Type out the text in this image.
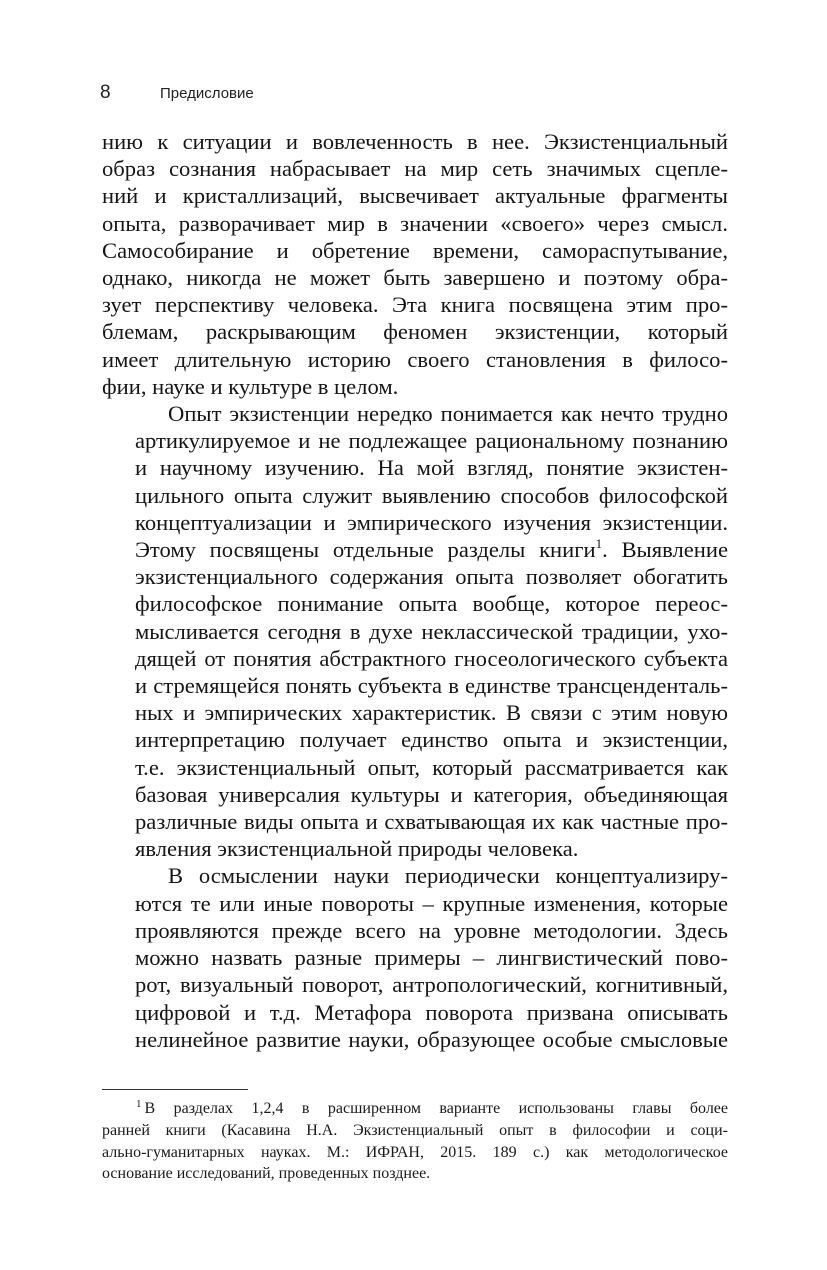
8	Предисловие

нию к ситуации и вовлеченность в нее. Экзистенциальный
образ сознания набрасывает на мир сеть значимых сцепле-
ний и кристаллизаций, высвечивает актуальные фрагменты
опыта, разворачивает мир в значении «своего» через смысл.
Самособирание и обретение времени, самораспутывание,
однако, никогда не может быть завершено и поэтому обра-
зует перспективу человека. Эта книга посвящена этим про-
блемам, раскрывающим феномен экзистенции, который
имеет длительную историю своего становления в филосо-
фии, науке и культуре в целом.

Опыт экзистенции нередко понимается как нечто трудно
артикулируемое и не подлежащее рациональному познанию
и научному изучению. На мой взгляд, понятие экзистен-
цильного опыта служит выявлению способов философской
концептуализации и эмпирического изучения экзистенции.
Этому посвящены отдельные разделы книги$^1$. Выявление
экзистенциального содержания опыта позволяет обогатить
философское понимание опыта вообще, которое переос-
мысливается сегодня в духе неклассической традиции, ухо-
дящей от понятия абстрактного гносеологического субъекта
и стремящейся понять субъекта в единстве трансценденталь-
ных и эмпирических характеристик. В связи с этим новую
интерпретацию получает единство опыта и экзистенции,
т.е. экзистенциальный опыт, который рассматривается как
базовая универсалия культуры и категория, объединяющая
различные виды опыта и схватывающая их как частные про-
явления экзистенциальной природы человека.

В осмыслении науки периодически концептуализиру-
ются те или иные повороты – крупные изменения, которые
проявляются прежде всего на уровне методологии. Здесь
можно назвать разные примеры – лингвистический пово-
рот, визуальный поворот, антропологический, когнитивный,
цифровой и т.д. Метафора поворота призвана описывать
нелинейное развитие науки, образующее особые смысловые

$^1$ В разделах 1,2,4 в расширенном варианте использованы главы более
ранней книги (Касавина Н.А. Экзистенциальный опыт в философии и соци-
ально-гуманитарных науках. М.: ИФРАН, 2015. 189 с.) как методологическое
основание исследований, проведенных позднее.
